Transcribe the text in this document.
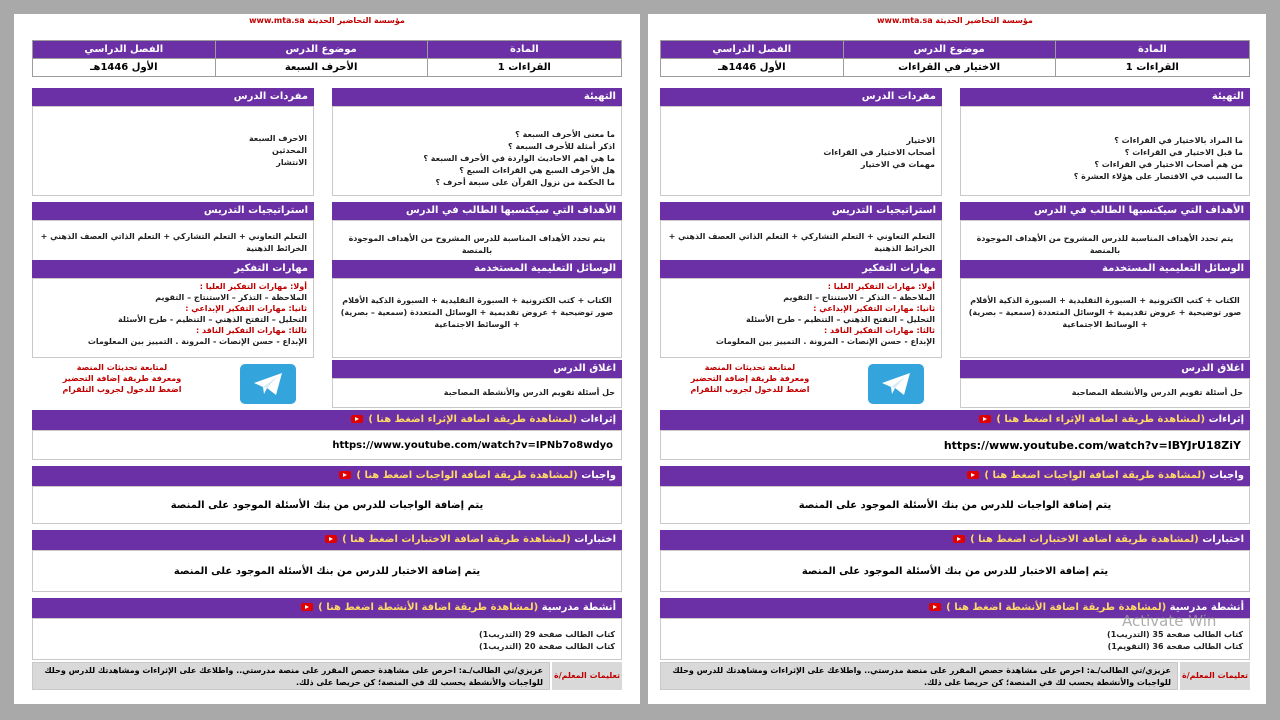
مؤسسة التحاضير الحديثة www.mta.sa
المادة	موضوع الدرس	الفصل الدراسي
القراءات 1	الأحرف السبعة	الأول 1446هـ
التهيئة
ما معنى الأحرف السبعة ؟
اذكر أمثلة للأحرف السبعة ؟
ما هي اهم الاحاديث الواردة في الأحرف السبعة ؟
هل الأحرف السبع هي القراءات السبع ؟
ما الحكمة من نزول القرآن على سبعة أحرف ؟
مفردات الدرس
الاحرف السبعة
المحدثين
الانتشار
الأهداف التي سيكتسبها الطالب في الدرس
يتم تحدد الأهداف المناسبة للدرس المشروح من الأهداف الموجودة بالمنصة
استراتيجيات التدريس
التعلم التعاوني + التعلم التشاركي + التعلم الذاتي العصف الذهني + الخرائط الذهنية
الوسائل التعليمية المستخدمة
الكتاب + كتب الكترونية + السبورة التقليدية + السبورة الذكية الأقلام صور توضيحية + عروض تقديمية + الوسائل المتعددة (سمعية – بصرية) + الوسائط الاجتماعية
مهارات التفكير
أولا: مهارات التفكير العليا :
الملاحظة – التذكر – الاستنتاج – التقويم
ثانيا: مهارات التفكير الإبداعي :
التحليل – التفتح الذهني – التنظيم - طرح الأسئلة
ثالثا: مهارات التفكير الناقد :
الإبداع - حسن الإنصات - المرونة . التمييز بين المعلومات
اغلاق الدرس
حل أسئلة تقويم الدرس والأنشطة المصاحبة
لمتابعة تحديثات المنصة
ومعرفة طريقة إضافة التحضير
اضغط للدخول لجروب التلقرام
إثراءات (لمشاهدة طريقة اضافة الإثراء اضغط هنا )
https://www.youtube.com/watch?v=IPNb7o8wdyo
واجبات (لمشاهدة طريقة اضافة الواجبات اضغط هنا )
يتم إضافة الواجبات للدرس من بنك الأسئلة الموجود على المنصة
اختبارات (لمشاهدة طريقة اضافة الاختبارات اضغط هنا )
يتم إضافة الاختبار للدرس من بنك الأسئلة الموجود على المنصة
أنشطة مدرسية (لمشاهدة طريقة اضافة الأنشطة اضغط هنا )
كتاب الطالب صفحة 29 (التدريب1)
كتاب الطالب صفحة 20 (التدريب1)
تعليمات المعلم/ة
عزيزي/تي الطالب/ـة: احرص على مشاهدة حصص المقرر على منصة مدرستي.. واطلاعك على الإثراءات ومشاهدتك للدرس وحلك للواجبات والأنشطة يحسب لك في المنصة؛ كن حريصا على ذلك.
مؤسسة التحاضير الحديثة www.mta.sa
المادة	موضوع الدرس	الفصل الدراسي
القراءات 1	الاختيار في القراءات	الأول 1446هـ
التهيئة
ما المراد بالاختيار في القراءات ؟
ما قبل الاختيار في القراءات ؟
من هم أصحاب الاختيار في القراءات ؟
ما السبب في الاقتصار على هؤلاء العشرة ؟
مفردات الدرس
الاختيار
أصحاب الاختيار في القراءات
مهمات في الاختيار
الأهداف التي سيكتسبها الطالب في الدرس
يتم تحدد الأهداف المناسبة للدرس المشروح من الأهداف الموجودة بالمنصة
استراتيجيات التدريس
التعلم التعاوني + التعلم التشاركي + التعلم الذاتي العصف الذهني + الخرائط الذهنية
الوسائل التعليمية المستخدمة
الكتاب + كتب الكترونية + السبورة التقليدية + السبورة الذكية الأقلام صور توضيحية + عروض تقديمية + الوسائل المتعددة (سمعية – بصرية) + الوسائط الاجتماعية
مهارات التفكير
أولا: مهارات التفكير العليا :
الملاحظة – التذكر – الاستنتاج – التقويم
ثانيا: مهارات التفكير الإبداعي :
التحليل – التفتح الذهني – التنظيم - طرح الأسئلة
ثالثا: مهارات التفكير الناقد :
الإبداع - حسن الإنصات - المرونة . التمييز بين المعلومات
اغلاق الدرس
حل أسئلة تقويم الدرس والأنشطة المصاحبة
لمتابعة تحديثات المنصة
ومعرفة طريقة إضافة التحضير
اضغط للدخول لجروب التلقرام
إثراءات (لمشاهدة طريقة اضافة الإثراء اضغط هنا )
https://www.youtube.com/watch?v=IBYJrU18ZiY
واجبات (لمشاهدة طريقة اضافة الواجبات اضغط هنا )
يتم إضافة الواجبات للدرس من بنك الأسئلة الموجود على المنصة
اختبارات (لمشاهدة طريقة اضافة الاختبارات اضغط هنا )
يتم إضافة الاختبار للدرس من بنك الأسئلة الموجود على المنصة
أنشطة مدرسية (لمشاهدة طريقة اضافة الأنشطة اضغط هنا )
كتاب الطالب صفحة 35 (التدريب1)
كتاب الطالب صفحة 36 (التقويم1)
تعليمات المعلم/ة
عزيزي/تي الطالب/ـة: احرص على مشاهدة حصص المقرر على منصة مدرستي.. واطلاعك على الإثراءات ومشاهدتك للدرس وحلك للواجبات والأنشطة يحسب لك في المنصة؛ كن حريصا على ذلك.
Activate Win
